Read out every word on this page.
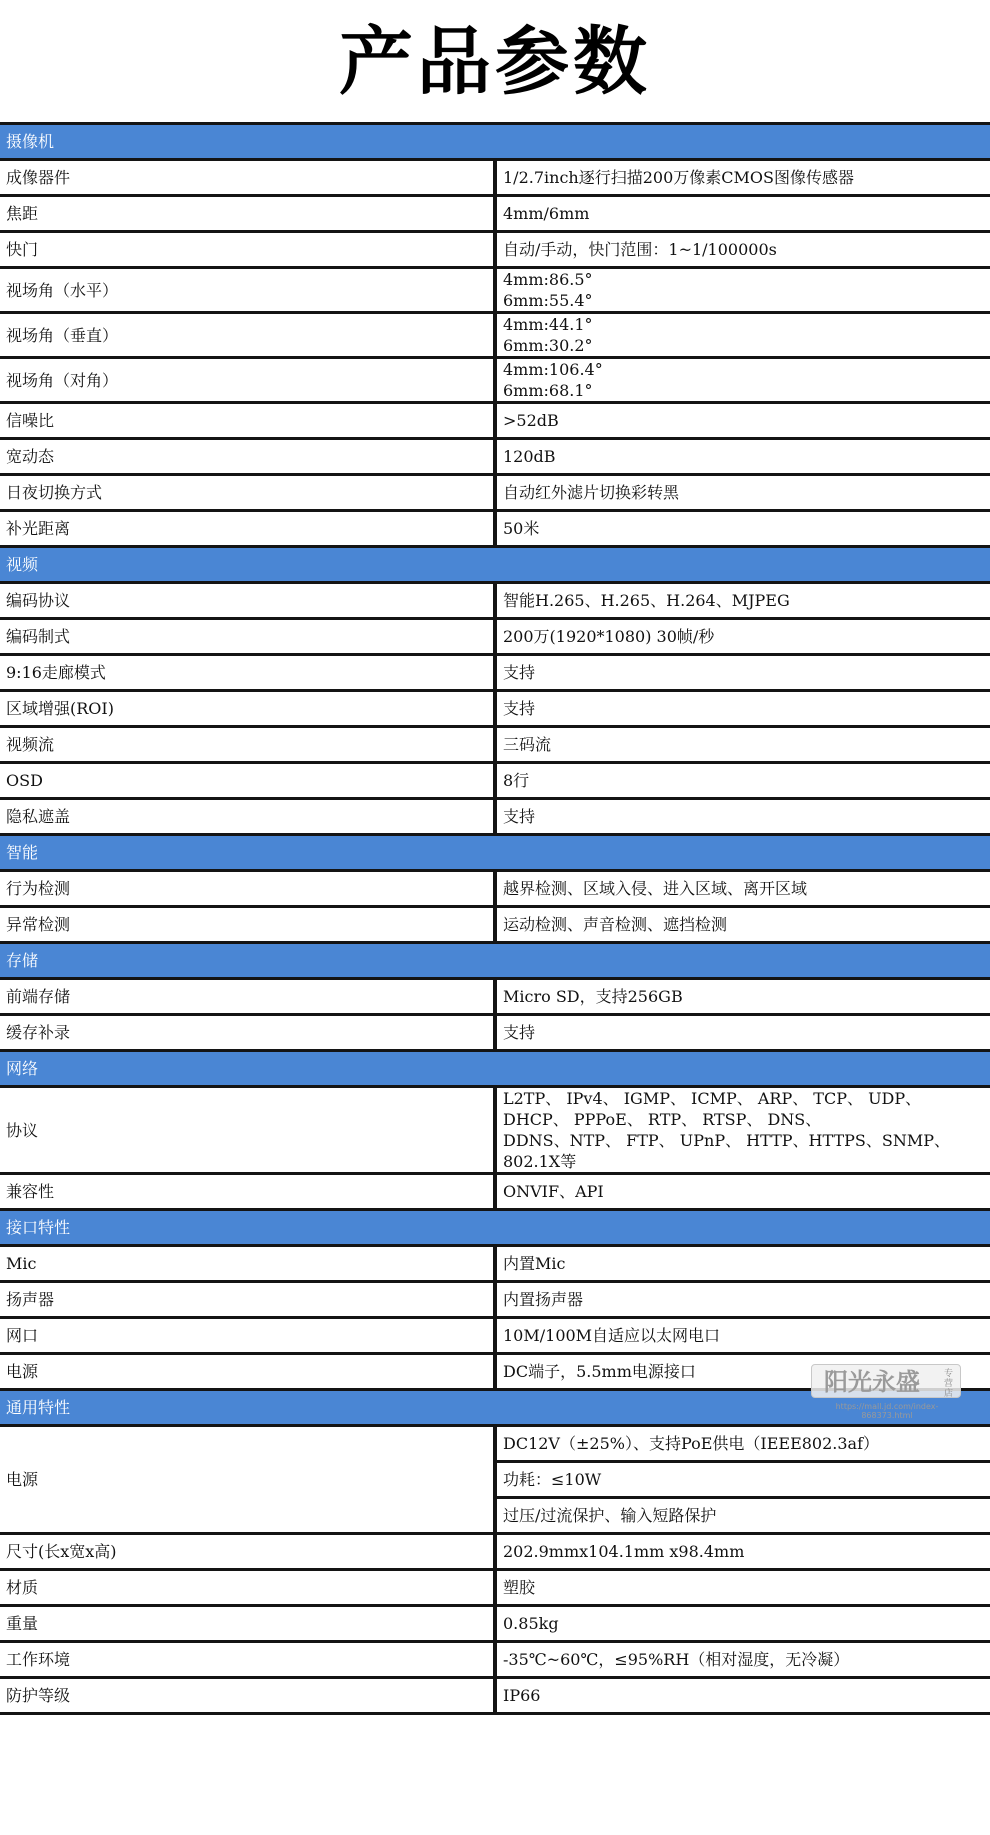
产品参数
摄像机	
成像器件	1/2.7inch逐行扫描200万像素CMOS图像传感器
焦距	4mm/6mm
快门	自动/手动，快门范围：1~1/100000s
视场角（水平）	4mm:86.5°
6mm:55.4°

视场角（垂直）	4mm:44.1°
6mm:30.2°

视场角（对角）	4mm:106.4°
6mm:68.1°

信噪比	>52dB
宽动态	120dB
日夜切换方式	自动红外滤片切换彩转黑
补光距离	50米
视频	
编码协议	智能H.265、H.265、H.264、MJPEG
编码制式	200万(1920*1080) 30帧/秒
9:16走廊模式	支持
区域增强(ROI)	支持
视频流	三码流
OSD	8行
隐私遮盖	支持
智能	
行为检测	越界检测、区域入侵、进入区域、离开区域
异常检测	运动检测、声音检测、遮挡检测
存储	
前端存储	Micro SD，支持256GB
缓存补录	支持
网络	
协议	L2TP、 IPv4、 IGMP、 ICMP、 ARP、 TCP、 UDP、 DHCP、 PPPoE、 RTP、 RTSP、 DNS、
DDNS、NTP、 FTP、 UPnP、 HTTP、HTTPS、SNMP、 802.1X等

兼容性	ONVIF、API
接口特性	
Mic	内置Mic
扬声器	内置扬声器
网口	10M/100M自适应以太网电口
电源	DC端子，5.5mm电源接口
通用特性	
电源	DC12V（±25%）、支持PoE供电（IEEE802.3af）
	功耗：≤10W
	过压/过流保护、输入短路保护
尺寸(长x宽x高)	202.9mmx104.1mm x98.4mm
材质	塑胶
重量	0.85kg
工作环境	-35℃~60℃，≤95%RH（相对湿度，无冷凝）
防护等级	IP66
阳光永盛	专营店
https://mall.jd.com/index-868373.html
